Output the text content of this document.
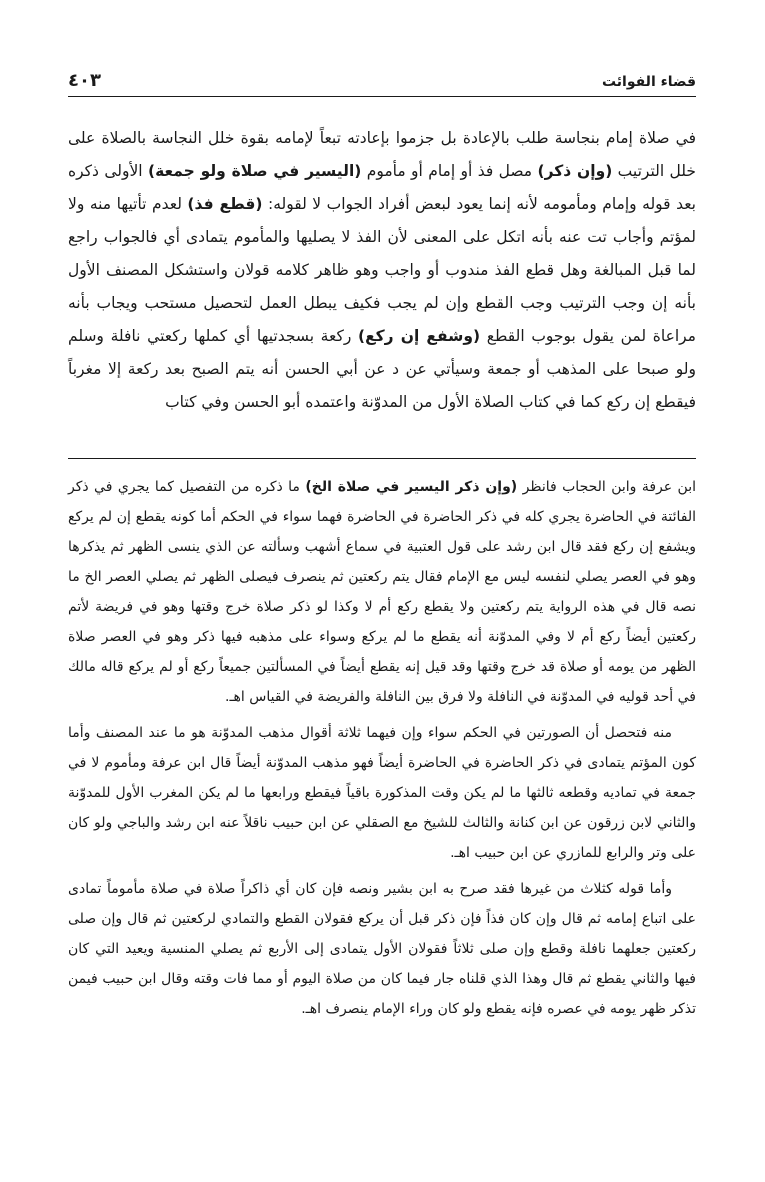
قضاء الفوائت
٤٠٣

في صلاة إمام بنجاسة طلب بالإعادة بل جزموا بإعادته تبعاً لإمامه بقوة خلل النجاسة بالصلاة على خلل الترتيب (وإن ذكر) مصل فذ أو إمام أو مأموم (اليسير في صلاة ولو جمعة) الأولى ذكره بعد قوله وإمام ومأمومه لأنه إنما يعود لبعض أفراد الجواب لا لقوله: (قطع فذ) لعدم تأتيها منه ولا لمؤتم وأجاب تت عنه بأنه اتكل على المعنى لأن الفذ لا يصليها والمأموم يتمادى أي فالجواب راجع لما قبل المبالغة وهل قطع الفذ مندوب أو واجب وهو ظاهر كلامه قولان واستشكل المصنف الأول بأنه إن وجب الترتيب وجب القطع وإن لم يجب فكيف يبطل العمل لتحصيل مستحب ويجاب بأنه مراعاة لمن يقول بوجوب القطع (وشفع إن ركع) ركعة بسجدتيها أي كملها ركعتي نافلة وسلم ولو صبحا على المذهب أو جمعة وسيأتي عن د عن أبي الحسن أنه يتم الصبح بعد ركعة إلا مغرباً فيقطع إن ركع كما في كتاب الصلاة الأول من المدوّنة واعتمده أبو الحسن وفي كتاب

ابن عرفة وابن الحجاب فانظر (وإن ذكر اليسير في صلاة الخ) ما ذكره من التفصيل كما يجري في ذكر الفائتة في الحاضرة يجري كله في ذكر الحاضرة في الحاضرة فهما سواء في الحكم أما كونه يقطع إن لم يركع ويشفع إن ركع فقد قال ابن رشد على قول العتبية في سماع أشهب وسألته عن الذي ينسى الظهر ثم يذكرها وهو في العصر يصلي لنفسه ليس مع الإمام فقال يتم ركعتين ثم ينصرف فيصلى الظهر ثم يصلي العصر الخ ما نصه قال في هذه الرواية يتم ركعتين ولا يقطع ركع أم لا وكذا لو ذكر صلاة خرج وقتها وهو في فريضة لأتم ركعتين أيضاً ركع أم لا وفي المدوّنة أنه يقطع ما لم يركع وسواء على مذهبه فيها ذكر وهو في العصر صلاة الظهر من يومه أو صلاة قد خرج وقتها وقد قيل إنه يقطع أيضاً في المسألتين جميعاً ركع أو لم يركع قاله مالك في أحد قوليه في المدوّنة في النافلة ولا فرق بين النافلة والفريضة في القياس اهـ.

منه فتحصل أن الصورتين في الحكم سواء وإن فيهما ثلاثة أقوال مذهب المدوّنة هو ما عند المصنف وأما كون المؤتم يتمادى في ذكر الحاضرة في الحاضرة أيضاً فهو مذهب المدوّنة أيضاً قال ابن عرفة ومأموم لا في جمعة في تماديه وقطعه ثالثها ما لم يكن وقت المذكورة باقياً فيقطع ورابعها ما لم يكن المغرب الأول للمدوّنة والثاني لابن زرقون عن ابن كنانة والثالث للشيخ مع الصقلي عن ابن حبيب ناقلاً عنه ابن رشد والباجي ولو كان على وتر والرابع للمازري عن ابن حبيب اهـ.

وأما قوله كثلاث من غيرها فقد صرح به ابن بشير ونصه فإن كان أي ذاكراً صلاة في صلاة مأموماً تمادى على اتباع إمامه ثم قال وإن كان فذاً فإن ذكر قبل أن يركع فقولان القطع والتمادي لركعتين ثم قال وإن صلى ركعتين جعلهما نافلة وقطع وإن صلى ثلاثاً فقولان الأول يتمادى إلى الأربع ثم يصلي المنسية ويعيد التي كان فيها والثاني يقطع ثم قال وهذا الذي قلناه جار فيما كان من صلاة اليوم أو مما فات وقته وقال ابن حبيب فيمن تذكر ظهر يومه في عصره فإنه يقطع ولو كان وراء الإمام ينصرف اهـ.
